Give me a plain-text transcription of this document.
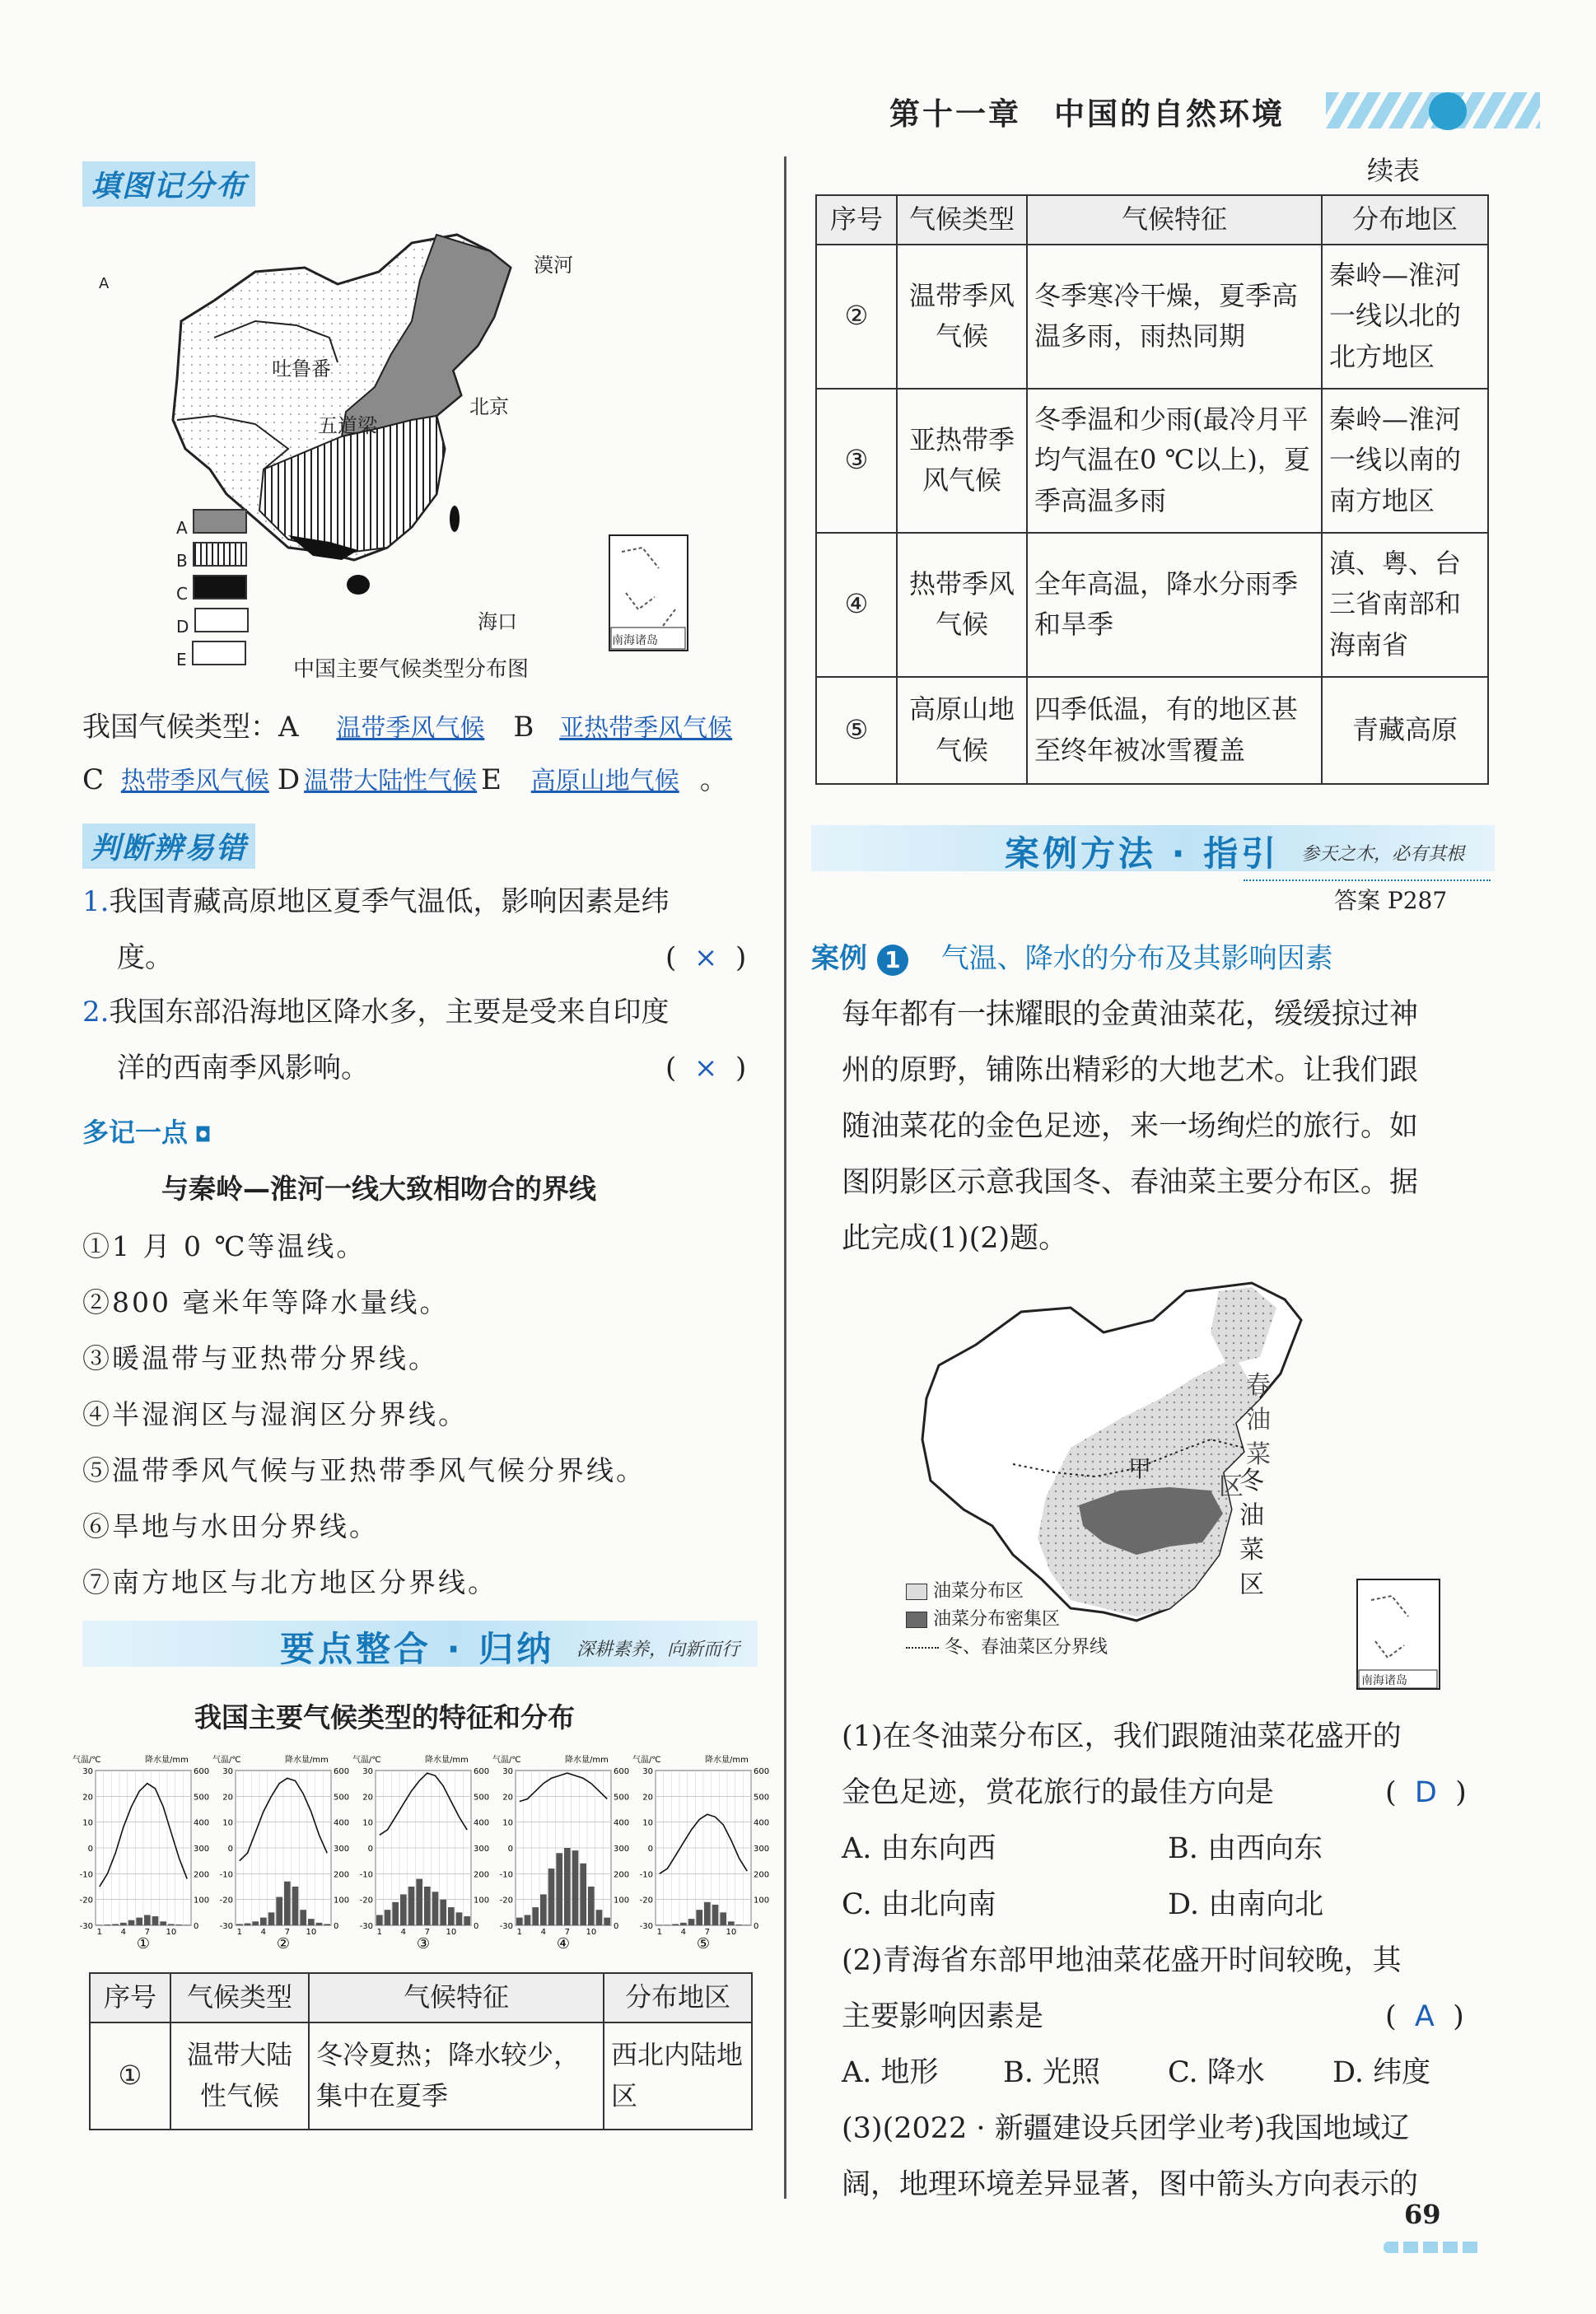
第十一章　中国的自然环境
填图记分布
A
漠河
吐鲁番
北京
五道梁
海口
南海诸岛
A
B
C
D
E	中国主要气候类型分布图
我国气候类型：A 温带季风气候 B 亚热带季风气候
C 热带季风气候 D 温带大陆性气候 E 高原山地气候 。
判断辨易错
1.我国青藏高原地区夏季气温低，影响因素是纬
度。	(  ×  )
2.我国东部沿海地区降水多，主要是受来自印度
洋的西南季风影响。	(  ×  )
多记一点 ◘
与秦岭—淮河一线大致相吻合的界线
①1 月 0 ℃等温线。
②800 毫米年等降水量线。
③暖温带与亚热带分界线。
④半湿润区与湿润区分界线。
⑤温带季风气候与亚热带季风气候分界线。
⑥旱地与水田分界线。
⑦南方地区与北方地区分界线。
要点整合 · 归纳 深耕素养，向新而行
我国主要气候类型的特征和分布
气温/℃	降水量/mm
30	600
20	500
10	400
0	300
-10	200
-20	100
-30	0
1 4 7 10
①
气温/℃	降水量/mm
30	600
20	500
10	400
0	300
-10	200
-20	100
-30	0
1 4 7 10
②
气温/℃	降水量/mm
30	600
20	500
10	400
0	300
-10	200
-20	100
-30	0
1 4 7 10
③
气温/℃	降水量/mm
30	600
20	500
10	400
0	300
-10	200
-20	100
-30	0
1 4 7 10
④
气温/℃	降水量/mm
30	600
20	500
10	400
0	300
-10	200
-20	100
-30	0
1 4 7 10
⑤
序号	气候类型	气候特征	分布地区
①	温带大陆性气候	冬冷夏热；降水较少，集中在夏季	西北内陆地区
续表
序号	气候类型	气候特征	分布地区
②	温带季风气候	冬季寒冷干燥，夏季高温多雨，雨热同期	秦岭—淮河一线以北的北方地区
③	亚热带季风气候	冬季温和少雨(最冷月平均气温在0 ℃以上)，夏季高温多雨	秦岭—淮河一线以南的南方地区
④	热带季风气候	全年高温，降水分雨季和旱季	滇、粤、台三省南部和海南省
⑤	高原山地气候	四季低温，有的地区甚至终年被冰雪覆盖	青藏高原
案例方法 · 指引 参天之木，必有其根
答案 P287
案例 1 气温、降水的分布及其影响因素
每年都有一抹耀眼的金黄油菜花，缓缓掠过神
州的原野，铺陈出精彩的大地艺术。让我们跟
随油菜花的金色足迹，来一场绚烂的旅行。如
图阴影区示意我国冬、春油菜主要分布区。据
此完成(1)(2)题。
春
油
菜
区
甲	冬
油
菜
区
南海诸岛
油菜分布区
油菜分布密集区
冬、春油菜区分界线
(1)在冬油菜分布区，我们跟随油菜花盛开的
金色足迹，赏花旅行的最佳方向是	(  D  )
A. 由东向西	B. 由西向东
C. 由北向南	D. 由南向北
(2)青海省东部甲地油菜花盛开时间较晚，其
主要影响因素是	(  A  )
A. 地形 B. 光照 C. 降水 D. 纬度
(3)(2022 · 新疆建设兵团学业考)我国地域辽
阔，地理环境差异显著，图中箭头方向表示的
69
